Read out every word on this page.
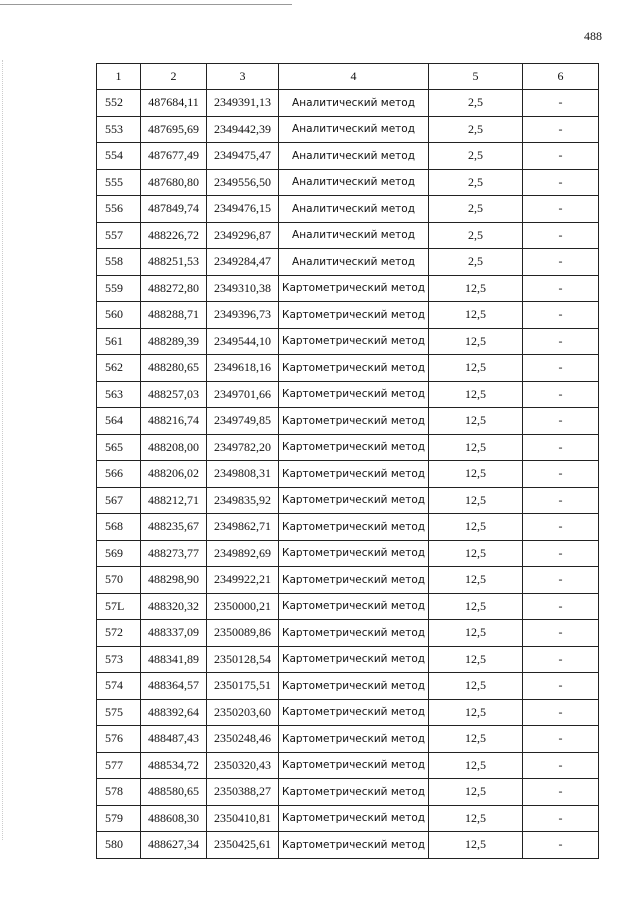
488
1	2	3	4	5	6
552	487684,11	2349391,13	Аналитический метод	2,5	-
553	487695,69	2349442,39	Аналитический метод	2,5	-
554	487677,49	2349475,47	Аналитический метод	2,5	-
555	487680,80	2349556,50	Аналитический метод	2,5	-
556	487849,74	2349476,15	Аналитический метод	2,5	-
557	488226,72	2349296,87	Аналитический метод	2,5	-
558	488251,53	2349284,47	Аналитический метод	2,5	-
559	488272,80	2349310,38	Картометрический метод	12,5	-
560	488288,71	2349396,73	Картометрический метод	12,5	-
561	488289,39	2349544,10	Картометрический метод	12,5	-
562	488280,65	2349618,16	Картометрический метод	12,5	-
563	488257,03	2349701,66	Картометрический метод	12,5	-
564	488216,74	2349749,85	Картометрический метод	12,5	-
565	488208,00	2349782,20	Картометрический метод	12,5	-
566	488206,02	2349808,31	Картометрический метод	12,5	-
567	488212,71	2349835,92	Картометрический метод	12,5	-
568	488235,67	2349862,71	Картометрический метод	12,5	-
569	488273,77	2349892,69	Картометрический метод	12,5	-
570	488298,90	2349922,21	Картометрический метод	12,5	-
57L	488320,32	2350000,21	Картометрический метод	12,5	-
572	488337,09	2350089,86	Картометрический метод	12,5	-
573	488341,89	2350128,54	Картометрический метод	12,5	-
574	488364,57	2350175,51	Картометрический метод	12,5	-
575	488392,64	2350203,60	Картометрический метод	12,5	-
576	488487,43	2350248,46	Картометрический метод	12,5	-
577	488534,72	2350320,43	Картометрический метод	12,5	-
578	488580,65	2350388,27	Картометрический метод	12,5	-
579	488608,30	2350410,81	Картометрический метод	12,5	-
580	488627,34	2350425,61	Картометрический метод	12,5	-
